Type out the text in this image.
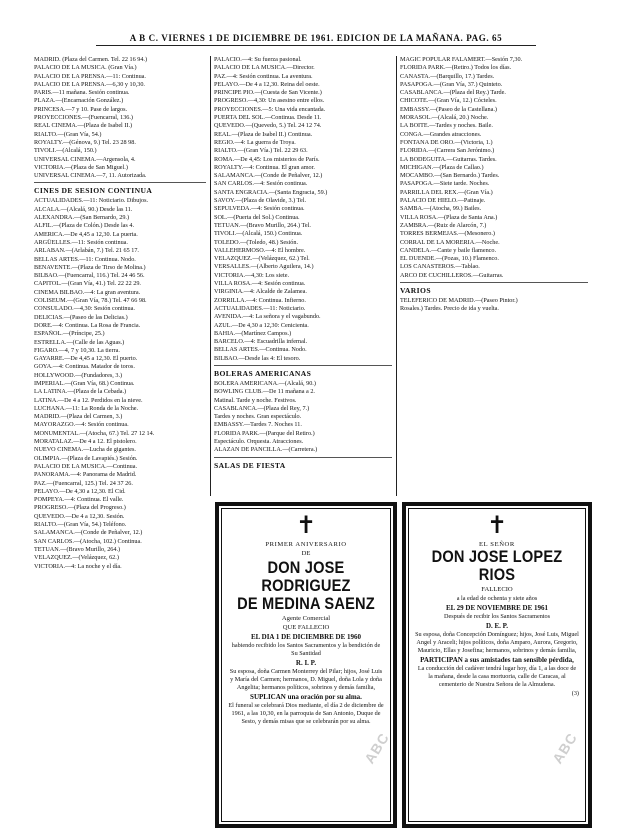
A B C. VIERNES 1 DE DICIEMBRE DE 1961. EDICION DE LA MAÑANA. PAG. 65

MADRID. (Plaza del Carmen. Tel. 22 16 94.)

PALACIO DE LA MUSICA. (Gran Vía.)

PALACIO DE LA PRENSA.—11: Continua.

PALACIO DE LA PRENSA.—6,30 y 10,30.

PARIS.—11 mañana. Sesión continua.

PLAZA.—(Encarnación González.)

PRINCESA.—7 y 10. Pase de largos.

PROYECCIONES.—(Fuencarral, 136.)

REAL CINEMA.—(Plaza de Isabel II.)

RIALTO.—(Gran Vía, 54.)

ROYALTY.—(Génova, 9.) Tel. 23 28 98.

TIVOLI.—(Alcalá, 150.)

UNIVERSAL CINEMA.—Argensola, 4.

VICTORIA.—(Plaza de San Miguel.)

UNIVERSAL CINEMA.—7, 11. Autorizada.

CINES DE SESION CONTINUA

ACTUALIDADES.—11: Noticiario. Dibujos.

ALCALA.—(Alcalá, 90.) Desde las 11.

ALEXANDRA.—(San Bernardo, 29.)

ALFIL.—(Plaza de Colón.) Desde las 4.

AMERICA.—De 4,45 a 12,30. La puerta.

ARGÜELLES.—11: Sesión continua.

ARLABAN.—(Arlabán, 7.) Tel. 21 65 17.

BELLAS ARTES.—11: Continua. Nodo.

BENAVENTE.—(Plaza de Tirso de Molina.)

BILBAO.—(Fuencarral, 116.) Tel. 24 46 56.

CAPITOL.—(Gran Vía, 41.) Tel. 22 22 29.

CINEMA BILBAO.—4: La gran aventura.

COLISEUM.—(Gran Vía, 78.) Tel. 47 66 98.

CONSULADO.—4,30: Sesión continua.

DELICIAS.—(Paseo de las Delicias.)

DORE.—4: Continua. La Rosa de Francia.

ESPAÑOL.—(Príncipe, 25.)

ESTRELLA.—(Calle de las Aguas.)

FIGARO.—4, 7 y 10,30. La tierra.

GAYARRE.—De 4,45 a 12,30. El puerto.

GOYA.—4: Continua. Matador de toros.

HOLLYWOOD.—(Fundadores, 3.)

IMPERIAL.—(Gran Vía, 68.) Continua.

LA LATINA.—(Plaza de la Cebada.)

LATINA.—De 4 a 12. Perdidos en la nieve.

LUCHANA.—11: La Ronda de la Noche.

MADRID.—(Plaza del Carmen, 3.)

MAYORAZGO.—4: Sesión continua.

MONUMENTAL.—(Atocha, 67.) Tel. 27 12 14.

MORATALAZ.—De 4 a 12. El pistolero.

NUEVO CINEMA.—Lucha de gigantes.

OLIMPIA.—(Plaza de Lavapiés.) Sesión.

PALACIO DE LA MUSICA.—Continua.

PANORAMA.—4: Panorama de Madrid.

PAZ.—(Fuencarral, 125.) Tel. 24 37 26.

PELAYO.—De 4,30 a 12,30. El Cid.

POMPEYA.—4: Continua. El valle.

PROGRESO.—(Plaza del Progreso.)

QUEVEDO.—De 4 a 12,30. Sesión.

RIALTO.—(Gran Vía, 54.) Teléfono.

SALAMANCA.—(Conde de Peñalver, 12.)

SAN CARLOS.—(Atocha, 102.) Continua.

TETUAN.—(Bravo Murillo, 264.)

VELAZQUEZ.—(Velázquez, 62.)

VICTORIA.—4: La noche y el día.

PALACIO.—4: Su fuerza pasional.

PALACIO DE LA MUSICA.—Director.

PAZ.—4: Sesión continua. La aventura.

PELAYO.—De 4 a 12,30. Reina del oeste.

PRINCIPE PIO.—(Cuesta de San Vicente.)

PROGRESO.—4,30: Un asesino entre ellos.

PROYECCIONES.—5: Una vida encantada.

PUERTA DEL SOL.—Continua. Desde 11.

QUEVEDO.—(Quevedo, 5.) Tel. 24 12 74.

REAL.—(Plaza de Isabel II.) Continua.

REGIO.—4: La guerra de Troya.

RIALTO.—(Gran Vía.) Tel. 22 29 63.

ROMA.—De 4,45: Los misterios de París.

ROYALTY.—4: Continua. El gran amor.

SALAMANCA.—(Conde de Peñalver, 12.)

SAN CARLOS.—4: Sesión continua.

SANTA ENGRACIA.—(Santa Engracia, 59.)

SAVOY.—(Plaza de Olavide, 3.) Tel.

SEPULVEDA.—4: Sesión continua.

SOL.—(Puerta del Sol.) Continua.

TETUAN.—(Bravo Murillo, 264.) Tel.

TIVOLI.—(Alcalá, 150.) Continua.

TOLEDO.—(Toledo, 48.) Sesión.

VALLEHERMOSO.—4: El hombre.

VELAZQUEZ.—(Velázquez, 62.) Tel.

VERSALLES.—(Alberto Aguilera, 14.)

VICTORIA.—4,30: Los siete.

VILLA ROSA.—4: Sesión continua.

VIRGINIA.—4: Alcalde de Zalamea.

ZORRILLA.—4: Continua. Infierno.

ACTUALIDADES.—11: Noticiario.

AVENIDA.—4: La señora y el vagabundo.

AZUL.—De 4,30 a 12,30: Cenicienta.

BAHIA.—(Martínez Campos.)

BARCELO.—4: Escuadrilla infernal.

BELLAS ARTES.—Continua. Nodo.

BILBAO.—Desde las 4: El tesoro.

BOLERAS AMERICANAS

BOLERA AMERICANA.—(Alcalá, 90.)

BOWLING CLUB.—De 11 mañana a 2.

Matinal. Tarde y noche. Festivos.

CASABLANCA.—(Plaza del Rey, 7.)

Tardes y noches. Gran espectáculo.

EMBASSY.—Tardes 7. Noches 11.

FLORIDA PARK.—(Parque del Retiro.)

Espectáculo. Orquesta. Atracciones.

ALAZAN DE PANCILLA.—(Carretera.)

SALAS DE FIESTA

MAGIC POPULAR FALAMERT.—Sesión 7,30.

FLORIDA PARK.—(Retiro.) Todos los días.

CANASTA.—(Barquillo, 17.) Tardes.

PASAPOGA.—(Gran Vía, 37.) Quinteto.

CASABLANCA.—(Plaza del Rey.) Tarde.

CHICOTE.—(Gran Vía, 12.) Cócteles.

EMBASSY.—(Paseo de la Castellana.)

MORASOL.—(Alcalá, 20.) Noche.

LA BOITE.—Tardes y noches. Baile.

CONGA.—Grandes atracciones.

FONTANA DE ORO.—(Victoria, 1.)

FLORIDA.—(Carrera San Jerónimo.)

LA BODEGUITA.—Guitarras. Tardes.

MICHIGAN.—(Plaza de Callao.)

MOCAMBO.—(San Bernardo.) Tardes.

PASAPOGA.—Siete tarde. Noches.

PARRILLA DEL REX.—(Gran Vía.)

PALACIO DE HIELO.—Patinaje.

SAMBA.—(Atocha, 99.) Bailes.

VILLA ROSA.—(Plaza de Santa Ana.)

ZAMBRA.—(Ruiz de Alarcón, 7.)

TORRES BERMEJAS.—(Mesonero.)

CORRAL DE LA MORERIA.—Noche.

CANDELA.—Cante y baile flamenco.

EL DUENDE.—(Pozas, 10.) Flamenco.

LOS CANASTEROS.—Tablao.

ARCO DE CUCHILLEROS.—Guitarras.

VARIOS

TELEFERICO DE MADRID.—(Paseo Pintor.)

Rosales.) Tardes. Precio de ida y vuelta.

✝
PRIMER ANIVERSARIO
DE
DON JOSE RODRIGUEZ
DE MEDINA SAENZ
Agente Comercial
QUE FALLECIO
EL DIA 1 DE DICIEMBRE DE 1960
habiendo recibido los Santos Sacramentos y la bendición de Su Santidad
R. I. P.
Su esposa, doña Carmen Monterrey del Pilar; hijos, José Luis y María del Carmen; hermanos, D. Miguel, doña Lola y doña Angelita; hermanos políticos, sobrinos y demás familia,
SUPLICAN una oración por su alma.
El funeral se celebrará Dios mediante, el día 2 de diciembre de 1961, a las 10,30, en la parroquia de San Antonio, Duque de Sesto, y demás misas que se celebrarán por su alma.
✝
EL SEÑOR
DON JOSE LOPEZ
RIOS
FALLECIO
a la edad de ochenta y siete años
EL 29 DE NOVIEMBRE DE 1961
Después de recibir los Santos Sacramentos
D. E. P.
Su esposa, doña Concepción Domínguez; hijos, José Luis, Miguel Angel y Araceli; hijos políticos, doña Amparo, Aurora, Gregorio, Mauricio, Ellas y Josefina; hermanos, sobrinos y demás familia,
PARTICIPAN a sus amistades tan sensible pérdida,
La conducción del cadáver tendrá lugar hoy, día 1, a las doce de la mañana, desde la casa mortuoria, calle de Caracas, al cementerio de Nuestra Señora de la Almudena.
(3)
ABC
ABC
